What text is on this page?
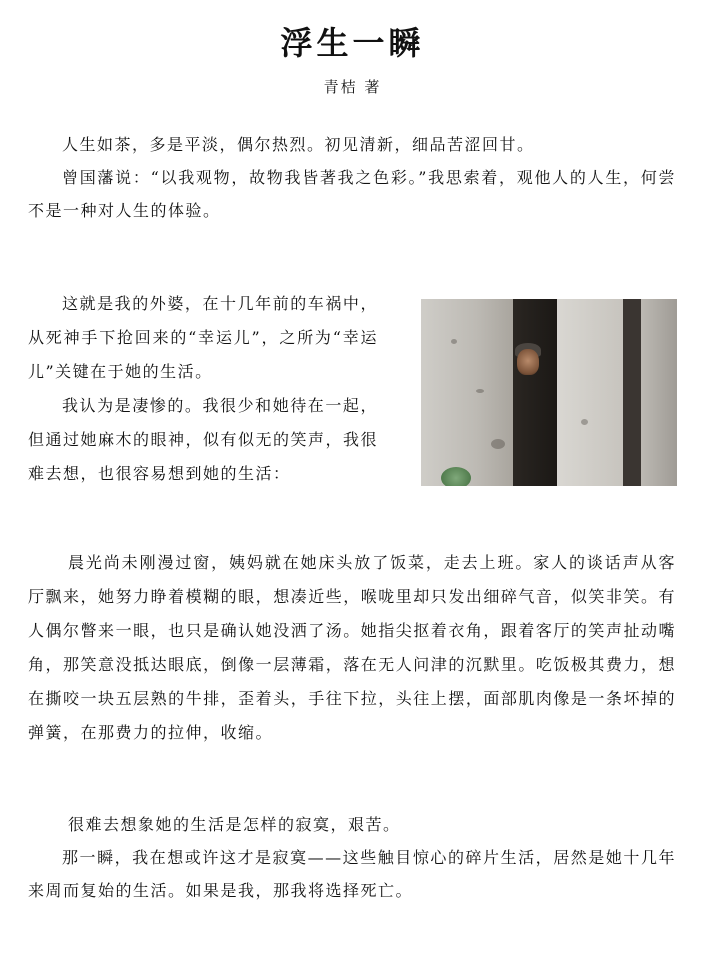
浮生一瞬
青桔 著

人生如茶，多是平淡，偶尔热烈。初见清新，细品苦涩回甘。

曾国藩说：“以我观物，故物我皆著我之色彩。”我思索着，观他人的人生，何尝不是一种对人生的体验。

这就是我的外婆，在十几年前的车祸中，从死神手下抢回来的“幸运儿”，之所为“幸运儿”关键在于她的生活。

我认为是凄惨的。我很少和她待在一起，但通过她麻木的眼神，似有似无的笑声，我很难去想，也很容易想到她的生活：

晨光尚未刚漫过窗，姨妈就在她床头放了饭菜，走去上班。家人的谈话声从客厅飘来，她努力睁着模糊的眼，想凑近些，喉咙里却只发出细碎气音，似笑非笑。有人偶尔瞥来一眼，也只是确认她没洒了汤。她指尖抠着衣角，跟着客厅的笑声扯动嘴角，那笑意没抵达眼底，倒像一层薄霜，落在无人问津的沉默里。吃饭极其费力，想在撕咬一块五层熟的牛排，歪着头，手往下拉，头往上摆，面部肌肉像是一条坏掉的弹簧，在那费力的拉伸，收缩。

很难去想象她的生活是怎样的寂寞，艰苦。

那一瞬，我在想或许这才是寂寞——这些触目惊心的碎片生活，居然是她十几年来周而复始的生活。如果是我，那我将选择死亡。
